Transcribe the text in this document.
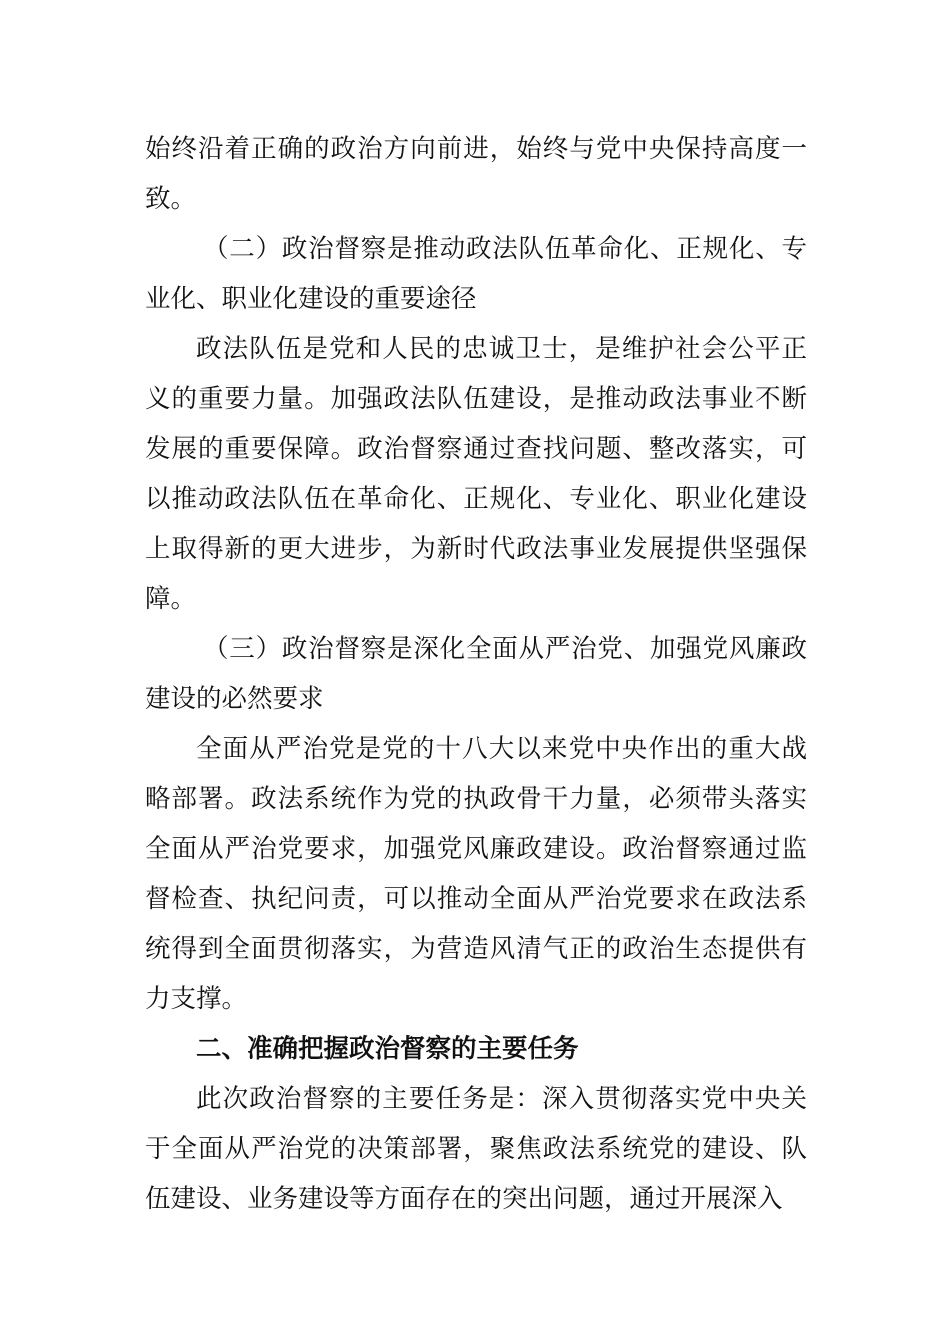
始终沿着正确的政治方向前进，始终与党中央保持高度一致。

（二）政治督察是推动政法队伍革命化、正规化、专业化、职业化建设的重要途径

政法队伍是党和人民的忠诚卫士，是维护社会公平正义的重要力量。加强政法队伍建设，是推动政法事业不断发展的重要保障。政治督察通过查找问题、整改落实，可以推动政法队伍在革命化、正规化、专业化、职业化建设上取得新的更大进步，为新时代政法事业发展提供坚强保障。

（三）政治督察是深化全面从严治党、加强党风廉政建设的必然要求

全面从严治党是党的十八大以来党中央作出的重大战略部署。政法系统作为党的执政骨干力量，必须带头落实全面从严治党要求，加强党风廉政建设。政治督察通过监督检查、执纪问责，可以推动全面从严治党要求在政法系统得到全面贯彻落实，为营造风清气正的政治生态提供有力支撑。

二、准确把握政治督察的主要任务

此次政治督察的主要任务是：深入贯彻落实党中央关于全面从严治党的决策部署，聚焦政法系统党的建设、队伍建设、业务建设等方面存在的突出问题，通过开展深入
